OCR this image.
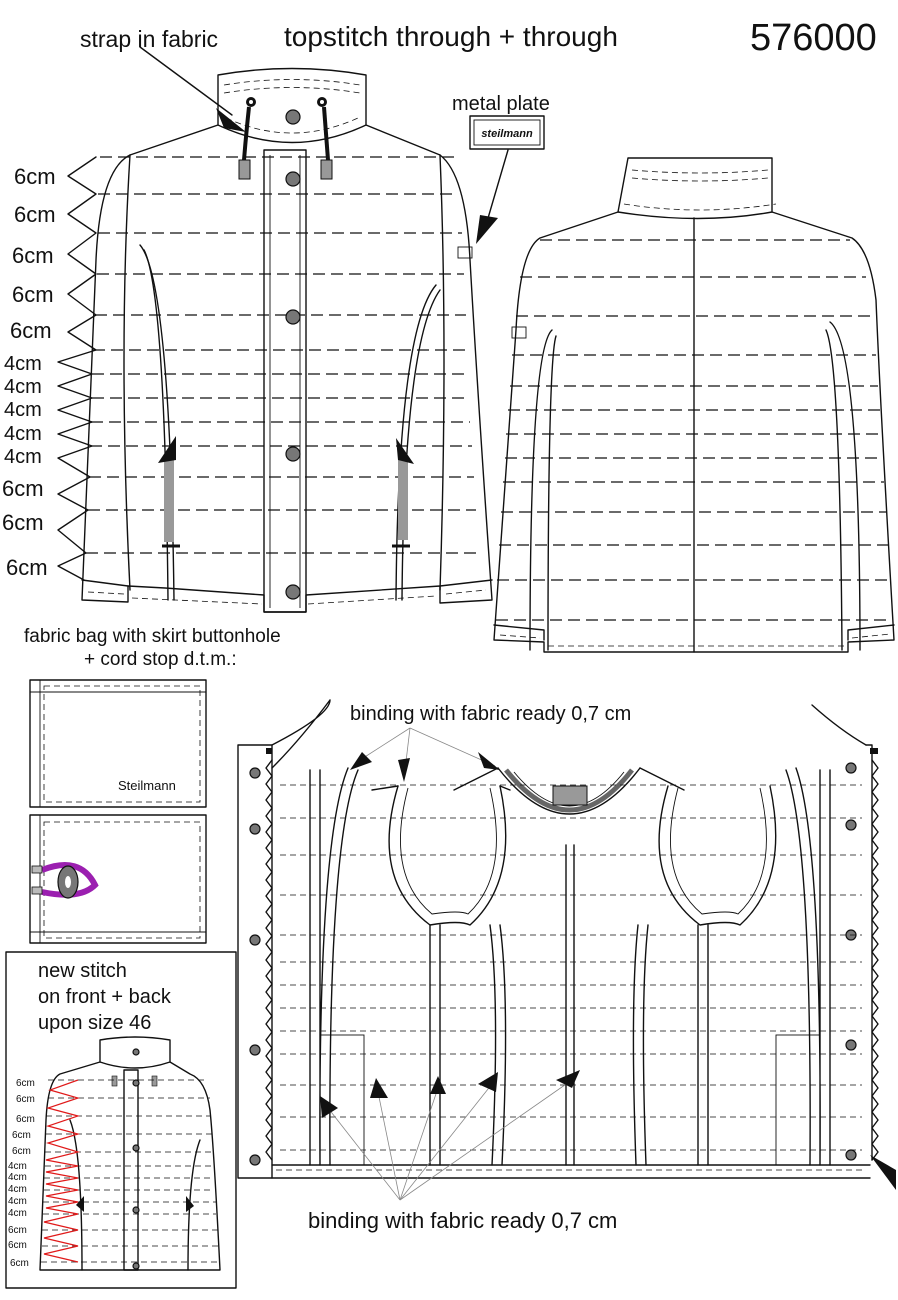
strap in fabric topstitch through + through	576000
metal plate
steilmann
6cm
6cm
6cm
6cm
6cm
4cm
4cm
4cm
4cm
4cm
6cm
6cm
6cm
fabric bag with skirt buttonhole
+ cord stop d.t.m.:
Steilmann
new stitch
on front + back
upon size 46
6cm
6cm
6cm
6cm
6cm
4cm
4cm
4cm
4cm
4cm
6cm
6cm
6cm
binding with fabric ready 0,7 cm
binding with fabric ready 0,7 cm
